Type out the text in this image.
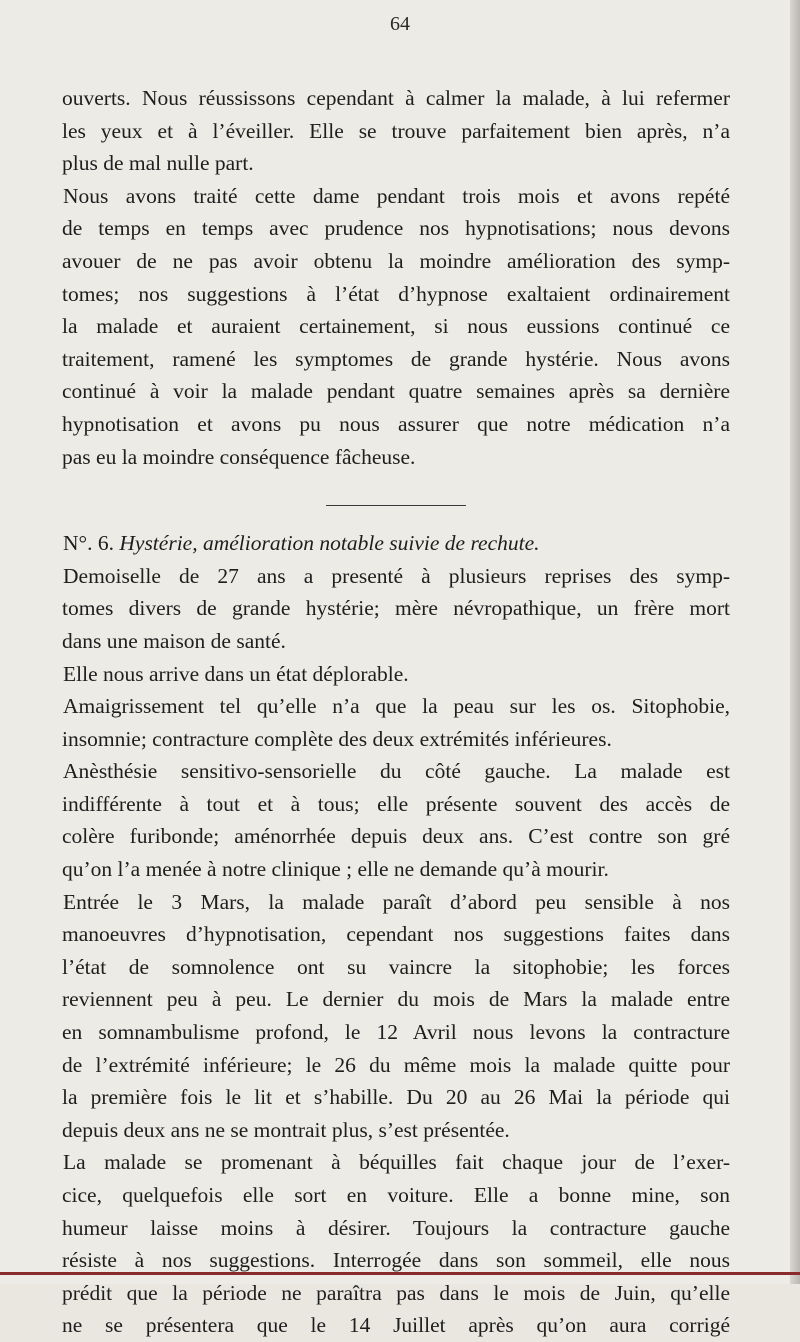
64
ouverts. Nous réussissons cependant à calmer la malade, à lui refermer
les yeux et à l’éveiller. Elle se trouve parfaitement bien après, n’a
plus de mal nulle part.
Nous avons traité cette dame pendant trois mois et avons repété
de temps en temps avec prudence nos hypnotisations; nous devons
avouer de ne pas avoir obtenu la moindre amélioration des symp-
tomes; nos suggestions à l’état d’hypnose exaltaient ordinairement
la malade et auraient certainement, si nous eussions continué ce
traitement, ramené les symptomes de grande hystérie. Nous avons
continué à voir la malade pendant quatre semaines après sa dernière
hypnotisation et avons pu nous assurer que notre médication n’a
pas eu la moindre conséquence fâcheuse.
N°. 6. Hystérie, amélioration notable suivie de rechute.
Demoiselle de 27 ans a presenté à plusieurs reprises des symp-
tomes divers de grande hystérie; mère névropathique, un frère mort
dans une maison de santé.
Elle nous arrive dans un état déplorable.
Amaigrissement tel qu’elle n’a que la peau sur les os. Sitophobie,
insomnie; contracture complète des deux extrémités inférieures.
Anèsthésie sensitivo-sensorielle du côté gauche. La malade est
indifférente à tout et à tous; elle présente souvent des accès de
colère furibonde; aménorrhée depuis deux ans. C’est contre son gré
qu’on l’a menée à notre clinique ; elle ne demande qu’à mourir.
Entrée le 3 Mars, la malade paraît d’abord peu sensible à nos
manoeuvres d’hypnotisation, cependant nos suggestions faites dans
l’état de somnolence ont su vaincre la sitophobie; les forces
reviennent peu à peu. Le dernier du mois de Mars la malade entre
en somnambulisme profond, le 12 Avril nous levons la contracture
de l’extrémité inférieure; le 26 du même mois la malade quitte pour
la première fois le lit et s’habille. Du 20 au 26 Mai la période qui
depuis deux ans ne se montrait plus, s’est présentée.
La malade se promenant à béquilles fait chaque jour de l’exer-
cice, quelquefois elle sort en voiture. Elle a bonne mine, son
humeur laisse moins à désirer. Toujours la contracture gauche
résiste à nos suggestions. Interrogée dans son sommeil, elle nous
prédit que la période ne paraîtra pas dans le mois de Juin, qu’elle
ne se présentera que le 14 Juillet après qu’on aura corrigé
